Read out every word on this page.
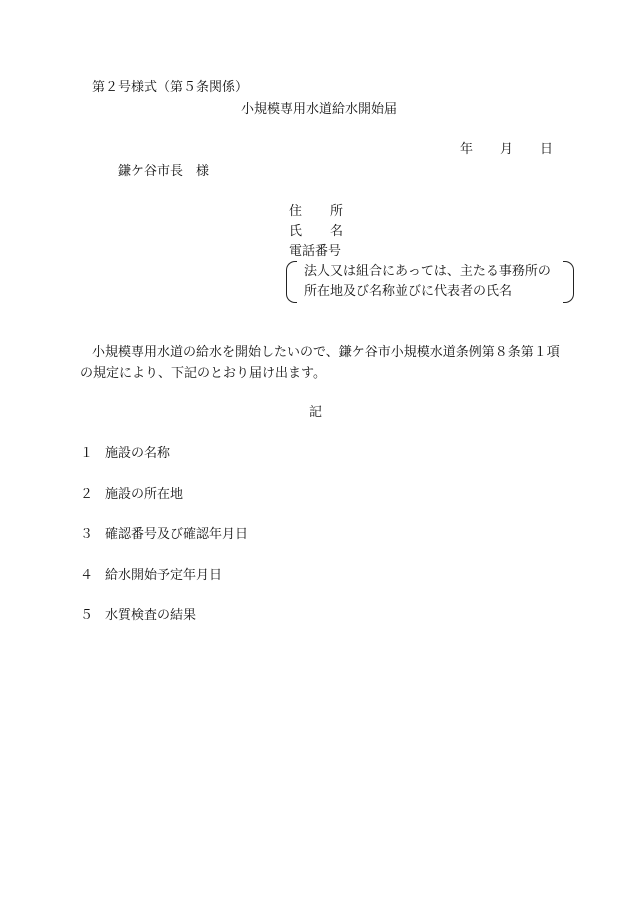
第２号様式（第５条関係）
小規模専用水道給水開始届
年 月 日
鎌ケ谷市長　様
住 所
氏 名
電話番号
法人又は組合にあっては、主たる事務所の
所在地及び名称並びに代表者の氏名
小規模専用水道の給水を開始したいので、鎌ケ谷市小規模水道条例第８条第１項
の規定により、下記のとおり届け出ます。
記
１ 施設の名称
２ 施設の所在地
３ 確認番号及び確認年月日
４ 給水開始予定年月日
５ 水質検査の結果
